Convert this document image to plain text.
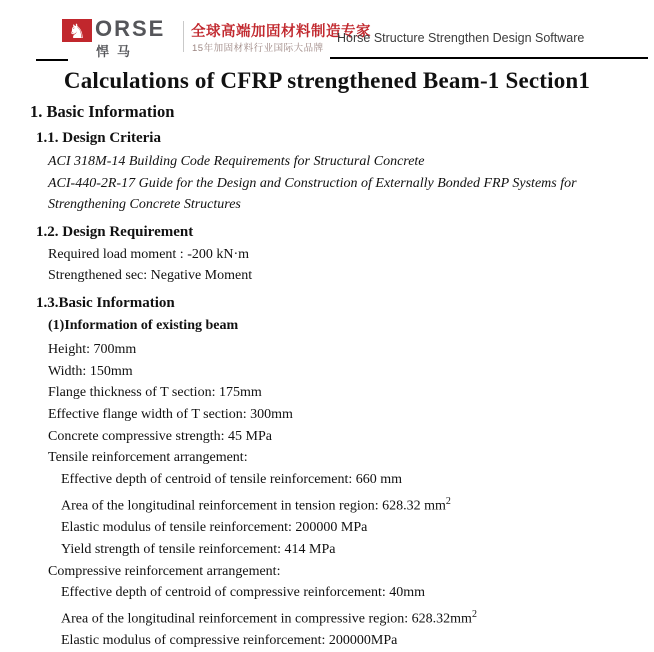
♞ ORSE
悍马
全球高端加固材料制造专家
15年加固材料行业国际大品牌
Horse Structure Strengthen Design Software
Calculations of CFRP strengthened Beam-1 Section1
1. Basic Information
1.1. Design Criteria
ACI 318M-14 Building Code Requirements for Structural Concrete
ACI-440-2R-17 Guide for the Design and Construction of Externally Bonded FRP Systems for
Strengthening Concrete Structures
1.2. Design Requirement
Required load moment : -200 kN·m
Strengthened sec: Negative Moment
1.3.Basic Information
(1)Information of existing beam
Height: 700mm
Width: 150mm
Flange thickness of T section: 175mm
Effective flange width of T section: 300mm
Concrete compressive strength: 45 MPa
Tensile reinforcement arrangement:
Effective depth of centroid of tensile reinforcement: 660 mm
Area of the longitudinal reinforcement in tension region: 628.32 $mm^2$
Elastic modulus of tensile reinforcement: 200000 MPa
Yield strength of tensile reinforcement: 414 MPa
Compressive reinforcement arrangement:
Effective depth of centroid of compressive reinforcement: 40mm
Area of the longitudinal reinforcement in compressive region: $628.32mm^2$
Elastic modulus of compressive reinforcement: 200000MPa
